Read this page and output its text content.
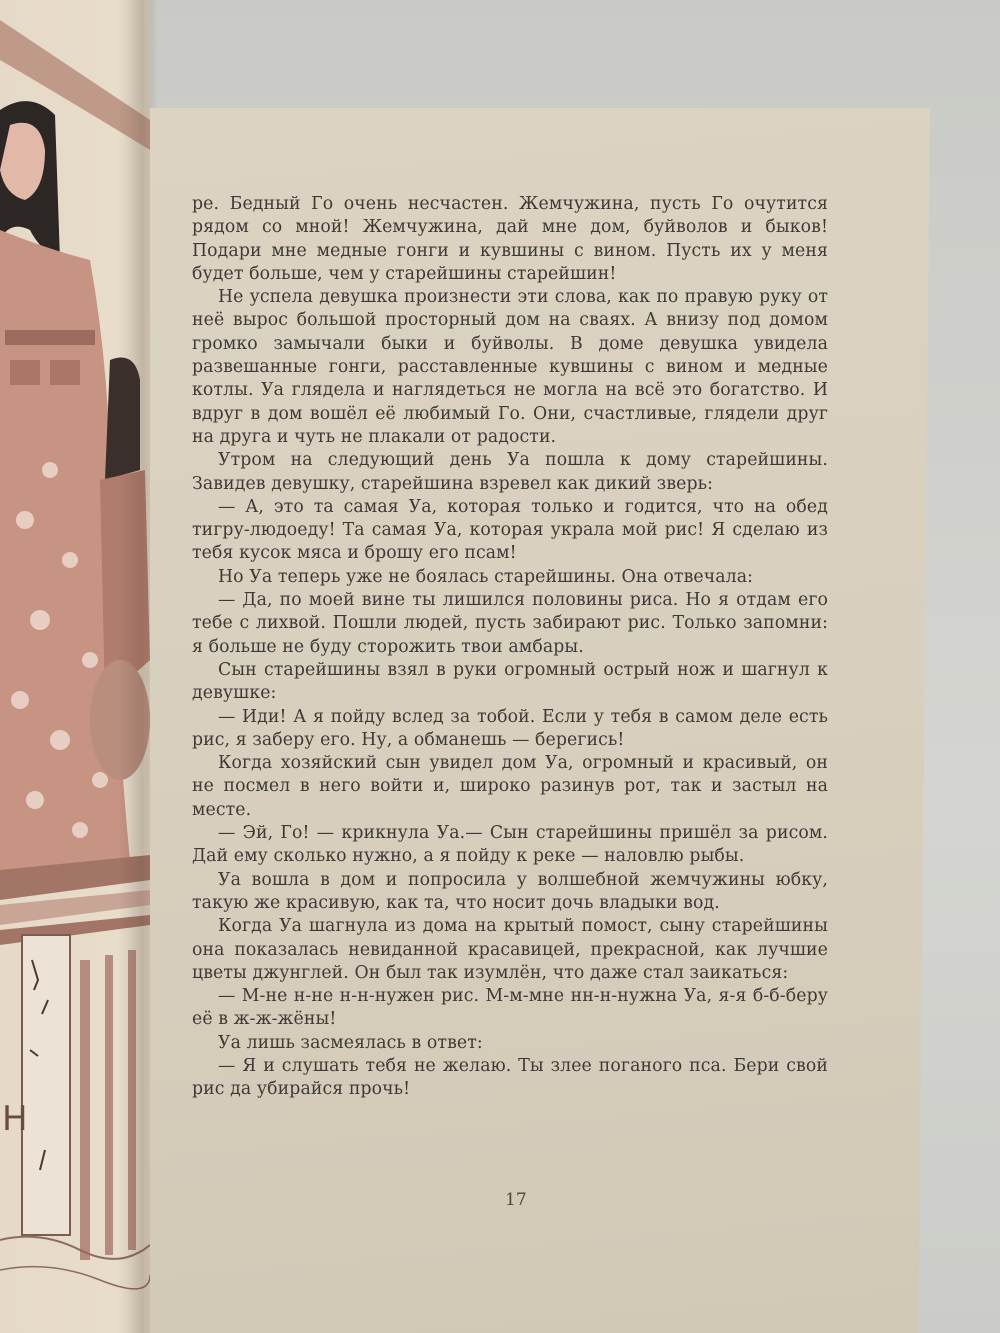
Н

ре. Бедный Го очень несчастен. Жемчужина, пусть Го очутится рядом со мной! Жемчужина, дай мне дом, буйволов и быков! Подари мне медные гонги и кувшины с вином. Пусть их у меня будет больше, чем у старейшины старейшин!

Не успела девушка произнести эти слова, как по правую руку от неё вырос большой просторный дом на сваях. А внизу под домом громко замычали быки и буйволы. В доме девушка увидела развешанные гонги, расставленные кувшины с вином и медные котлы. Уа глядела и наглядеться не могла на всё это богатство. И вдруг в дом вошёл её любимый Го. Они, счастливые, глядели друг на друга и чуть не плакали от радости.

Утром на следующий день Уа пошла к дому старейшины. Завидев девушку, старейшина взревел как дикий зверь:

— А, это та самая Уа, которая только и годится, что на обед тигру-людоеду! Та самая Уа, которая украла мой рис! Я сделаю из тебя кусок мяса и брошу его псам!

Но Уа теперь уже не боялась старейшины. Она отвечала:

— Да, по моей вине ты лишился половины риса. Но я отдам его тебе с лихвой. Пошли людей, пусть забирают рис. Только запомни: я больше не буду сторожить твои амбары.

Сын старейшины взял в руки огромный острый нож и шагнул к девушке:

— Иди! А я пойду вслед за тобой. Если у тебя в самом деле есть рис, я заберу его. Ну, а обманешь — берегись!

Когда хозяйский сын увидел дом Уа, огромный и красивый, он не посмел в него войти и, широко разинув рот, так и застыл на месте.

— Эй, Го! — крикнула Уа.— Сын старейшины пришёл за рисом. Дай ему сколько нужно, а я пойду к реке — наловлю рыбы.

Уа вошла в дом и попросила у волшебной жемчужины юбку, такую же красивую, как та, что носит дочь владыки вод.

Когда Уа шагнула из дома на крытый помост, сыну старейшины она показалась невиданной красавицей, прекрасной, как лучшие цветы джунглей. Он был так изумлён, что даже стал заикаться:

— М-не н-не н-н-нужен рис. М-м-мне нн-н-нужна Уа, я-я б-б-беру её в ж-ж-жёны!

Уа лишь засмеялась в ответ:

— Я и слушать тебя не желаю. Ты злее поганого пса. Бери свой рис да убирайся прочь!

17
